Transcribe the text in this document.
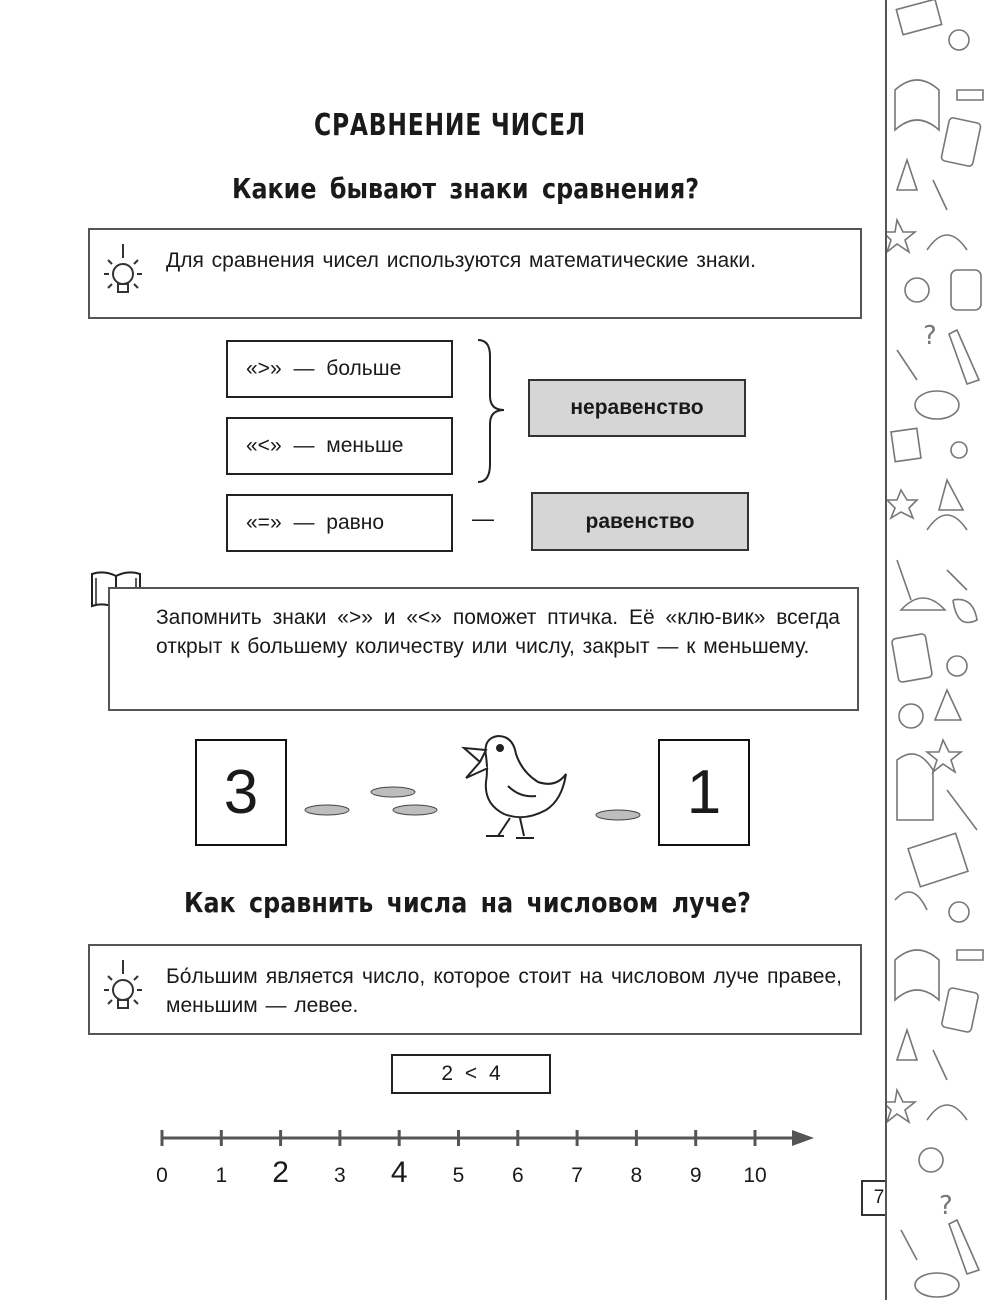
СРАВНЕНИЕ ЧИСЕЛ
Какие бывают знаки сравнения?
Для сравнения чисел используются математические знаки.
«>» — больше
«<» — меньше
«=» — равно
неравенство
—	равенство
Запомнить знаки «>» и «<» поможет птичка. Её «клю-вик» всегда открыт к большему количеству или числу, закрыт — к меньшему.
3	1
Как сравнить числа на числовом луче?
Бо́льшим является число, которое стоит на числовом луче правее, меньшим — левее.
2 < 4
0	1	2	3	4	5	6	7	8	9	10
7
?
?
